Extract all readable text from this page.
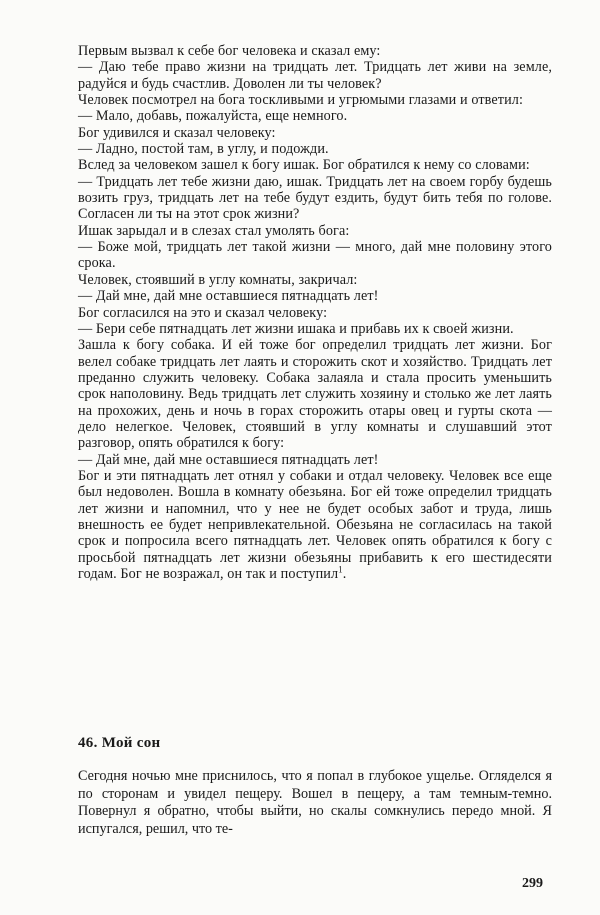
Первым вызвал к себе бог человека и сказал ему:

— Даю тебе право жизни на тридцать лет. Тридцать лет живи на земле, радуйся и будь счастлив. Доволен ли ты человек?

Человек посмотрел на бога тоскливыми и угрюмыми глазами и ответил:

— Мало, добавь, пожалуйста, еще немного.

Бог удивился и сказал человеку:

— Ладно, постой там, в углу, и подожди.

Вслед за человеком зашел к богу ишак. Бог обратился к нему со словами:

— Тридцать лет тебе жизни даю, ишак. Тридцать лет на своем горбу будешь возить груз, тридцать лет на тебе будут ездить, будут бить тебя по голове. Согласен ли ты на этот срок жизни?

Ишак зарыдал и в слезах стал умолять бога:

— Боже мой, тридцать лет такой жизни — много, дай мне половину этого срока.

Человек, стоявший в углу комнаты, закричал:

— Дай мне, дай мне оставшиеся пятнадцать лет!

Бог согласился на это и сказал человеку:

— Бери себе пятнадцать лет жизни ишака и прибавь их к своей жизни.

Зашла к богу собака. И ей тоже бог определил тридцать лет жизни. Бог велел собаке тридцать лет лаять и сторожить скот и хозяйство. Тридцать лет преданно служить человеку. Собака залаяла и стала просить уменьшить срок наполовину. Ведь тридцать лет служить хозяину и столько же лет лаять на прохожих, день и ночь в горах сторожить отары овец и гурты скота — дело нелегкое. Человек, стоявший в углу комнаты и слушавший этот разговор, опять обратился к богу:

— Дай мне, дай мне оставшиеся пятнадцать лет!

Бог и эти пятнадцать лет отнял у собаки и отдал человеку. Человек все еще был недоволен. Вошла в комнату обезьяна. Бог ей тоже определил тридцать лет жизни и напомнил, что у нее не будет особых забот и труда, лишь внешность ее будет непривлекательной. Обезьяна не согласилась на такой срок и попросила всего пятнадцать лет. Человек опять обратился к богу с просьбой пятнадцать лет жизни обезьяны прибавить к его шестидесяти годам. Бог не возражал, он так и поступил$^1$.

46. Мой сон

Сегодня ночью мне приснилось, что я попал в глубокое ущелье. Огляделся я по сторонам и увидел пещеру. Вошел в пещеру, а там темным-темно. Повернул я обратно, чтобы выйти, но скалы сомкнулись передо мной. Я испугался, решил, что те-

299
